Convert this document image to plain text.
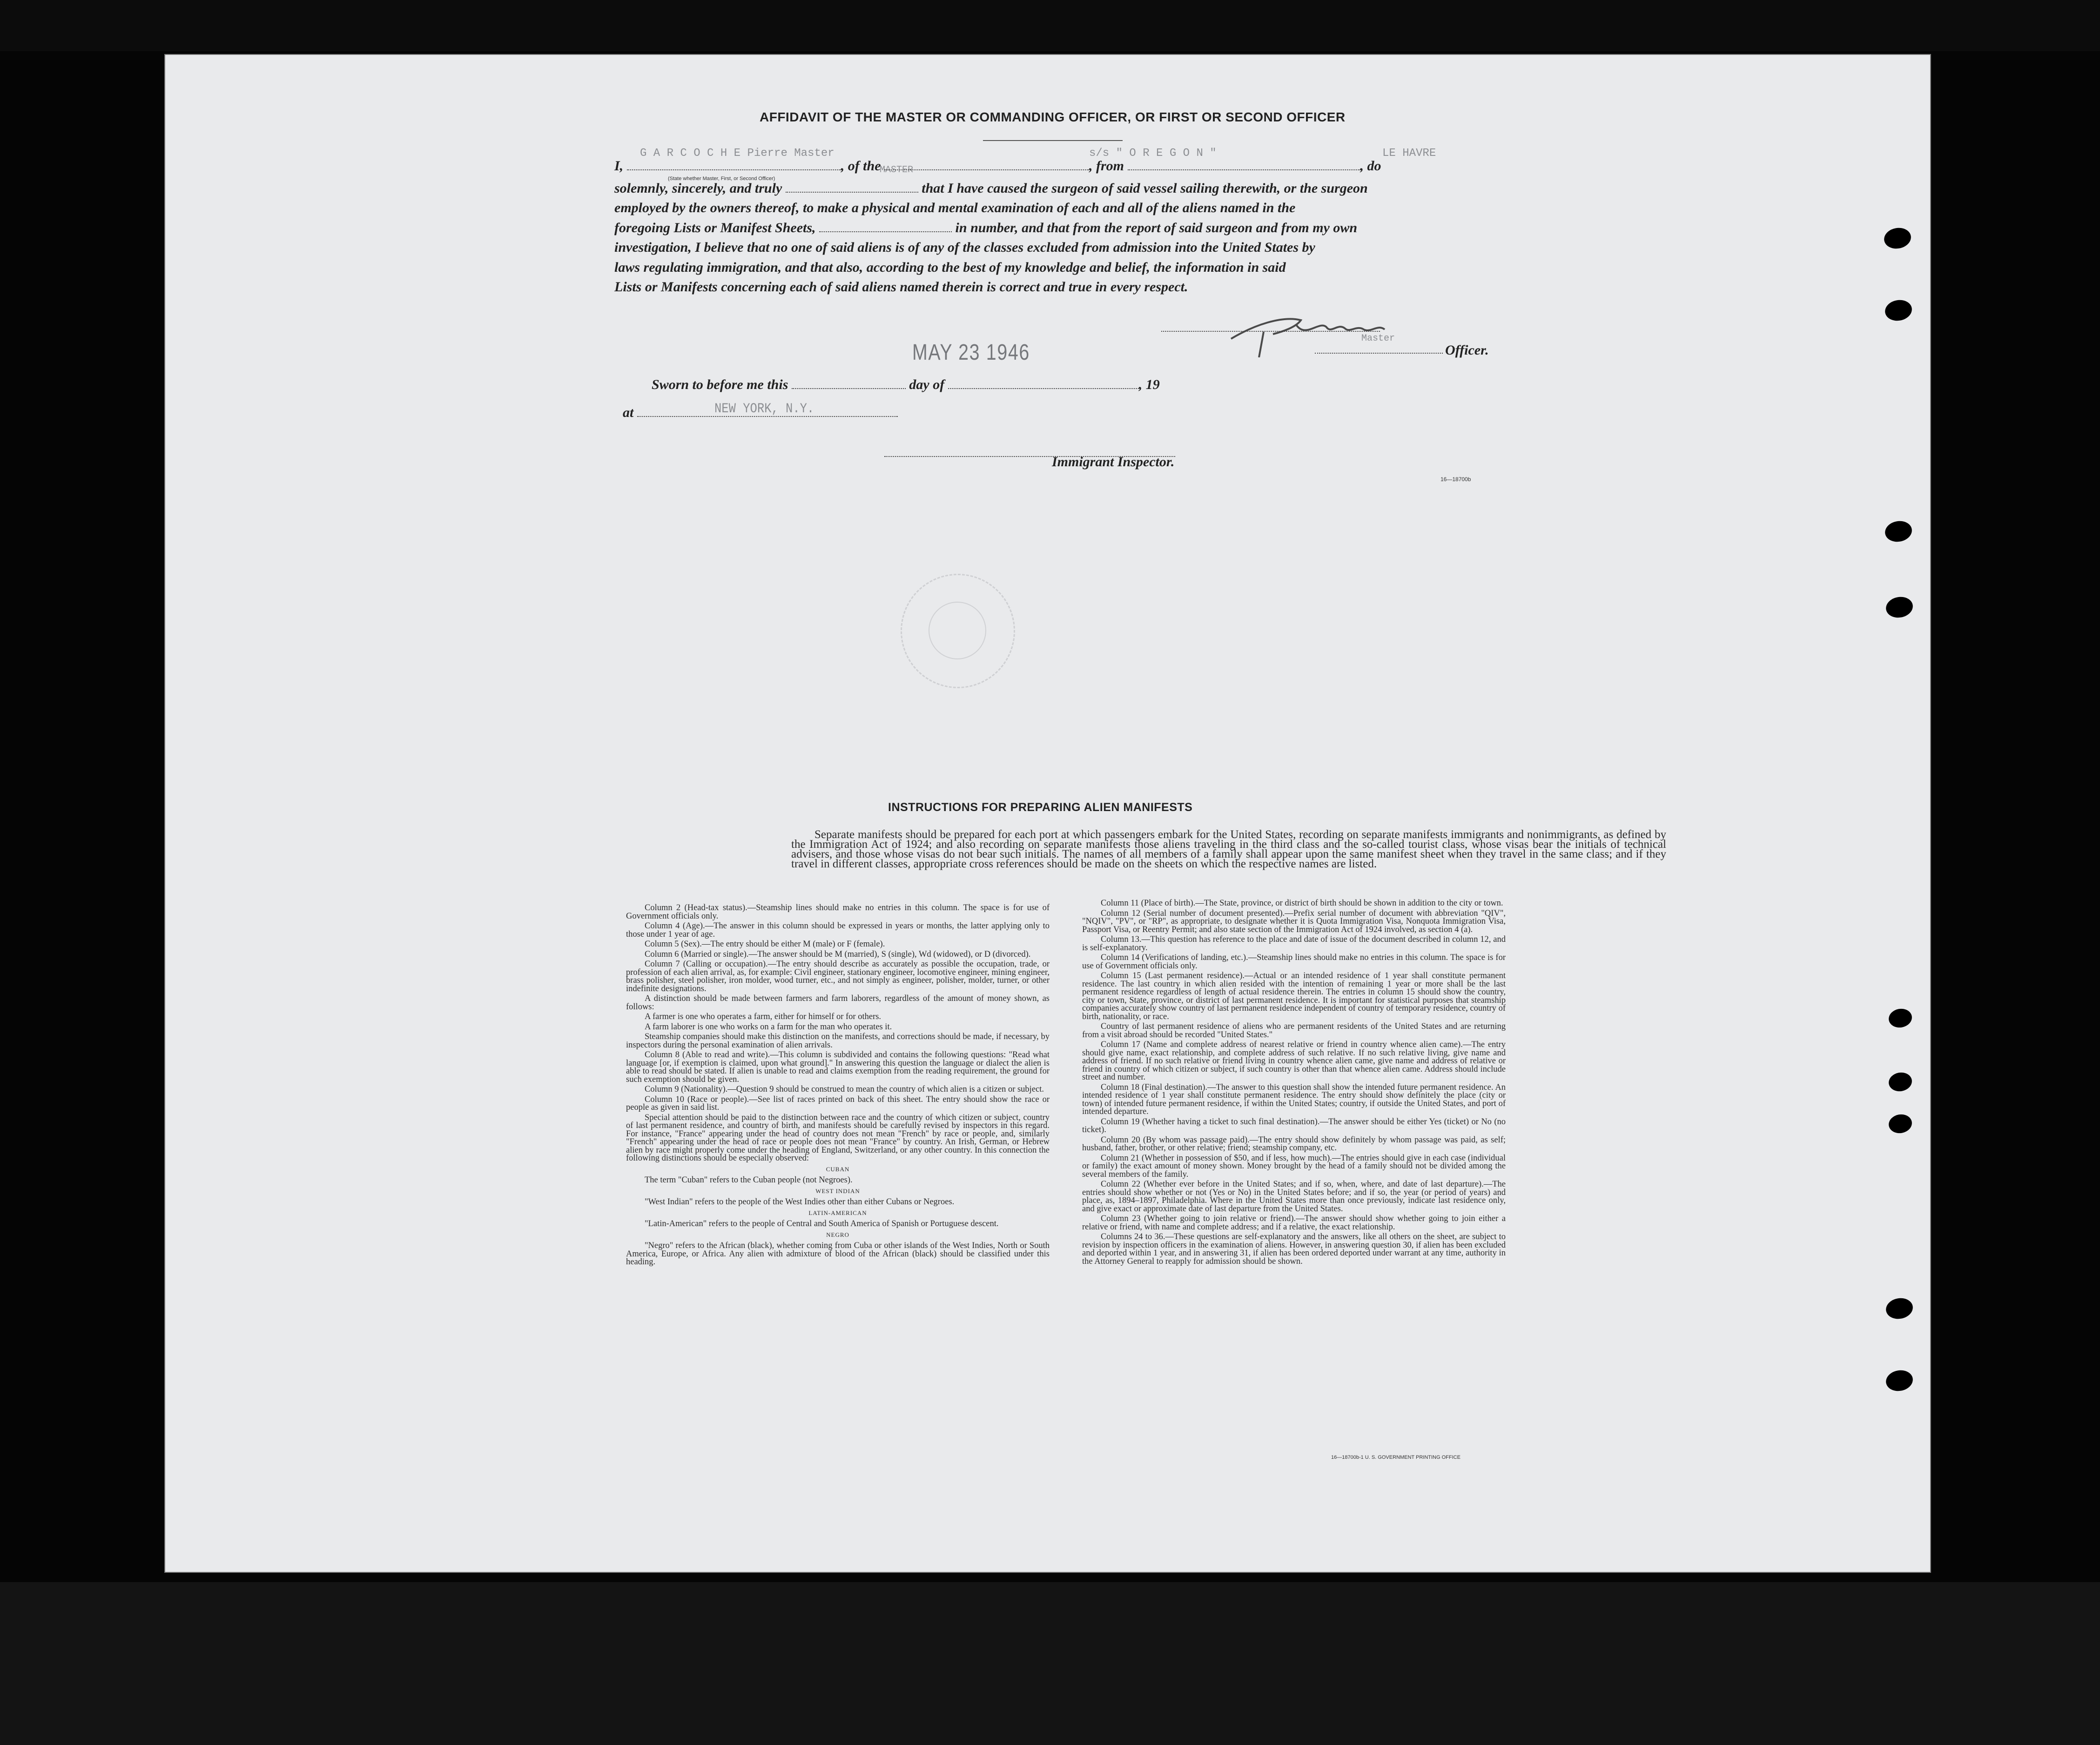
AFFIDAVIT OF THE MASTER OR COMMANDING OFFICER, OR FIRST OR SECOND OFFICER
G A R C O C H E Pierre Master	s/s " O R E G O N "	LE HAVRE
MASTER
I,	, of the	, from	, do
(State whether Master, First, or Second Officer)
solemnly, sincerely, and truly	that I have caused the surgeon of said vessel sailing therewith, or the surgeon
employed by the owners thereof, to make a physical and mental examination of each and all of the aliens named in the
foregoing Lists or Manifest Sheets,	in number, and that from the report of said surgeon and from my own
investigation, I believe that no one of said aliens is of any of the classes excluded from admission into the United States by
laws regulating immigration, and that also, according to the best of my knowledge and belief, the information in said
Lists or Manifests concerning each of said aliens named therein is correct and true in every respect.
Master
Officer.
MAY 23 1946
Sworn to before me this	day of	, 19
at	NEW YORK, N.Y.
Immigrant Inspector.
16—18700b
INSTRUCTIONS FOR PREPARING ALIEN MANIFESTS

Separate manifests should be prepared for each port at which passengers embark for the United States, recording on separate manifests immigrants and nonimmigrants, as defined by the Immigration Act of 1924; and also recording on separate manifests those aliens traveling in the third class and the so-called tourist class, whose visas bear the initials of technical advisers, and those whose visas do not bear such initials. The names of all members of a family shall appear upon the same manifest sheet when they travel in the same class; and if they travel in different classes, appropriate cross references should be made on the sheets on which the respective names are listed.

Column 2 (Head-tax status).—Steamship lines should make no entries in this column. The space is for use of Government officials only.

Column 4 (Age).—The answer in this column should be expressed in years or months, the latter applying only to those under 1 year of age.

Column 5 (Sex).—The entry should be either M (male) or F (female).

Column 6 (Married or single).—The answer should be M (married), S (single), Wd (widowed), or D (divorced).

Column 7 (Calling or occupation).—The entry should describe as accurately as possible the occupation, trade, or profession of each alien arrival, as, for example: Civil engineer, stationary engineer, locomotive engineer, mining engineer, brass polisher, steel polisher, iron molder, wood turner, etc., and not simply as engineer, polisher, molder, turner, or other indefinite designations.

A distinction should be made between farmers and farm laborers, regardless of the amount of money shown, as follows:

A farmer is one who operates a farm, either for himself or for others.

A farm laborer is one who works on a farm for the man who operates it.

Steamship companies should make this distinction on the manifests, and corrections should be made, if necessary, by inspectors during the personal examination of alien arrivals.

Column 8 (Able to read and write).—This column is subdivided and contains the following questions: "Read what language [or, if exemption is claimed, upon what ground]." In answering this question the language or dialect the alien is able to read should be stated. If alien is unable to read and claims exemption from the reading requirement, the ground for such exemption should be given.

Column 9 (Nationality).—Question 9 should be construed to mean the country of which alien is a citizen or subject.

Column 10 (Race or people).—See list of races printed on back of this sheet. The entry should show the race or people as given in said list.

Special attention should be paid to the distinction between race and the country of which citizen or subject, country of last permanent residence, and country of birth, and manifests should be carefully revised by inspectors in this regard. For instance, "France" appearing under the head of country does not mean "French" by race or people, and, similarly "French" appearing under the head of race or people does not mean "France" by country. An Irish, German, or Hebrew alien by race might properly come under the heading of England, Switzerland, or any other country. In this connection the following distinctions should be especially observed:

CUBAN

The term "Cuban" refers to the Cuban people (not Negroes).

WEST INDIAN

"West Indian" refers to the people of the West Indies other than either Cubans or Negroes.

LATIN-AMERICAN

"Latin-American" refers to the people of Central and South America of Spanish or Portuguese descent.

NEGRO

"Negro" refers to the African (black), whether coming from Cuba or other islands of the West Indies, North or South America, Europe, or Africa. Any alien with admixture of blood of the African (black) should be classified under this heading.

Column 11 (Place of birth).—The State, province, or district of birth should be shown in addition to the city or town.

Column 12 (Serial number of document presented).—Prefix serial number of document with abbreviation "QIV", "NQIV", "PV", or "RP", as appropriate, to designate whether it is Quota Immigration Visa, Nonquota Immigration Visa, Passport Visa, or Reentry Permit; and also state section of the Immigration Act of 1924 involved, as section 4 (a).

Column 13.—This question has reference to the place and date of issue of the document described in column 12, and is self-explanatory.

Column 14 (Verifications of landing, etc.).—Steamship lines should make no entries in this column. The space is for use of Government officials only.

Column 15 (Last permanent residence).—Actual or an intended residence of 1 year shall constitute permanent residence. The last country in which alien resided with the intention of remaining 1 year or more shall be the last permanent residence regardless of length of actual residence therein. The entries in column 15 should show the country, city or town, State, province, or district of last permanent residence. It is important for statistical purposes that steamship companies accurately show country of last permanent residence independent of country of temporary residence, country of birth, nationality, or race.

Country of last permanent residence of aliens who are permanent residents of the United States and are returning from a visit abroad should be recorded "United States."

Column 17 (Name and complete address of nearest relative or friend in country whence alien came).—The entry should give name, exact relationship, and complete address of such relative. If no such relative living, give name and address of friend. If no such relative or friend living in country whence alien came, give name and address of relative or friend in country of which citizen or subject, if such country is other than that whence alien came. Address should include street and number.

Column 18 (Final destination).—The answer to this question shall show the intended future permanent residence. An intended residence of 1 year shall constitute permanent residence. The entry should show definitely the place (city or town) of intended future permanent residence, if within the United States; country, if outside the United States, and port of intended departure.

Column 19 (Whether having a ticket to such final destination).—The answer should be either Yes (ticket) or No (no ticket).

Column 20 (By whom was passage paid).—The entry should show definitely by whom passage was paid, as self; husband, father, brother, or other relative; friend; steamship company, etc.

Column 21 (Whether in possession of $50, and if less, how much).—The entries should give in each case (individual or family) the exact amount of money shown. Money brought by the head of a family should not be divided among the several members of the family.

Column 22 (Whether ever before in the United States; and if so, when, where, and date of last departure).—The entries should show whether or not (Yes or No) in the United States before; and if so, the year (or period of years) and place, as, 1894–1897, Philadelphia. Where in the United States more than once previously, indicate last residence only, and give exact or approximate date of last departure from the United States.

Column 23 (Whether going to join relative or friend).—The answer should show whether going to join either a relative or friend, with name and complete address; and if a relative, the exact relationship.

Columns 24 to 36.—These questions are self-explanatory and the answers, like all others on the sheet, are subject to revision by inspection officers in the examination of aliens. However, in answering question 30, if alien has been excluded and deported within 1 year, and in answering 31, if alien has been ordered deported under warrant at any time, authority in the Attorney General to reapply for admission should be shown.

16—18700b-1 U. S. GOVERNMENT PRINTING OFFICE
